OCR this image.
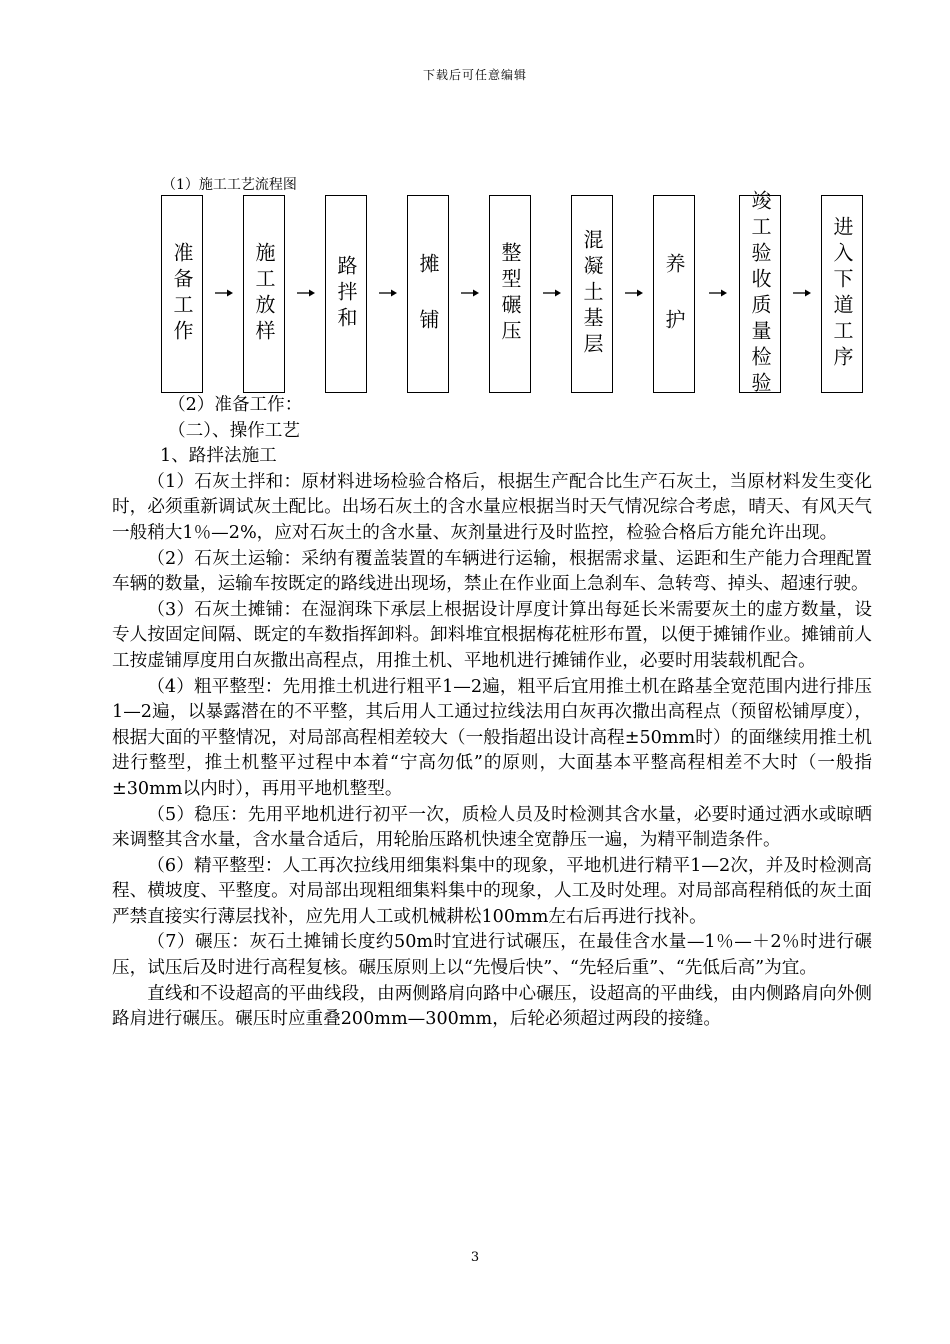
下载后可任意编辑
（1）施工工艺流程图
准备工作	施工放样	路拌和	摊 铺	整型碾压	混凝土基层	养 护	竣工验收质量检验	进入下道工序

（2）准备工作：

（二）、操作工艺

1、路拌法施工

（1）石灰土拌和：原材料进场检验合格后，根据生产配合比生产石灰土，当原材料发生变化时，必须重新调试灰土配比。出场石灰土的含水量应根据当时天气情况综合考虑，晴天、有风天气一般稍大1％—2%，应对石灰土的含水量、灰剂量进行及时监控，检验合格后方能允许出现。

（2）石灰土运输：采纳有覆盖装置的车辆进行运输，根据需求量、运距和生产能力合理配置车辆的数量，运输车按既定的路线进出现场，禁止在作业面上急刹车、急转弯、掉头、超速行驶。

（3）石灰土摊铺：在湿润珠下承层上根据设计厚度计算出每延长米需要灰土的虚方数量，设专人按固定间隔、既定的车数指挥卸料。卸料堆宜根据梅花桩形布置，以便于摊铺作业。摊铺前人工按虚铺厚度用白灰撒出高程点，用推土机、平地机进行摊铺作业，必要时用装载机配合。

（4）粗平整型：先用推土机进行粗平1—2遍，粗平后宜用推土机在路基全宽范围内进行排压1—2遍，以暴露潜在的不平整，其后用人工通过拉线法用白灰再次撒出高程点（预留松铺厚度），根据大面的平整情况，对局部高程相差较大（一般指超出设计高程±50mm时）的面继续用推土机进行整型，推土机整平过程中本着“宁高勿低”的原则，大面基本平整高程相差不大时（一般指±30mm以内时），再用平地机整型。

（5）稳压：先用平地机进行初平一次，质检人员及时检测其含水量，必要时通过洒水或晾晒来调整其含水量，含水量合适后，用轮胎压路机快速全宽静压一遍，为精平制造条件。

（6）精平整型：人工再次拉线用细集料集中的现象，平地机进行精平1—2次，并及时检测高程、横坡度、平整度。对局部出现粗细集料集中的现象，人工及时处理。对局部高程稍低的灰土面严禁直接实行薄层找补，应先用人工或机械耕松100mm左右后再进行找补。

（7）碾压：灰石土摊铺长度约50m时宜进行试碾压，在最佳含水量—1％—＋2％时进行碾压，试压后及时进行高程复核。碾压原则上以“先慢后快”、“先轻后重”、“先低后高”为宜。

直线和不设超高的平曲线段，由两侧路肩向路中心碾压，设超高的平曲线，由内侧路肩向外侧路肩进行碾压。碾压时应重叠200mm—300mm，后轮必须超过两段的接缝。

3
